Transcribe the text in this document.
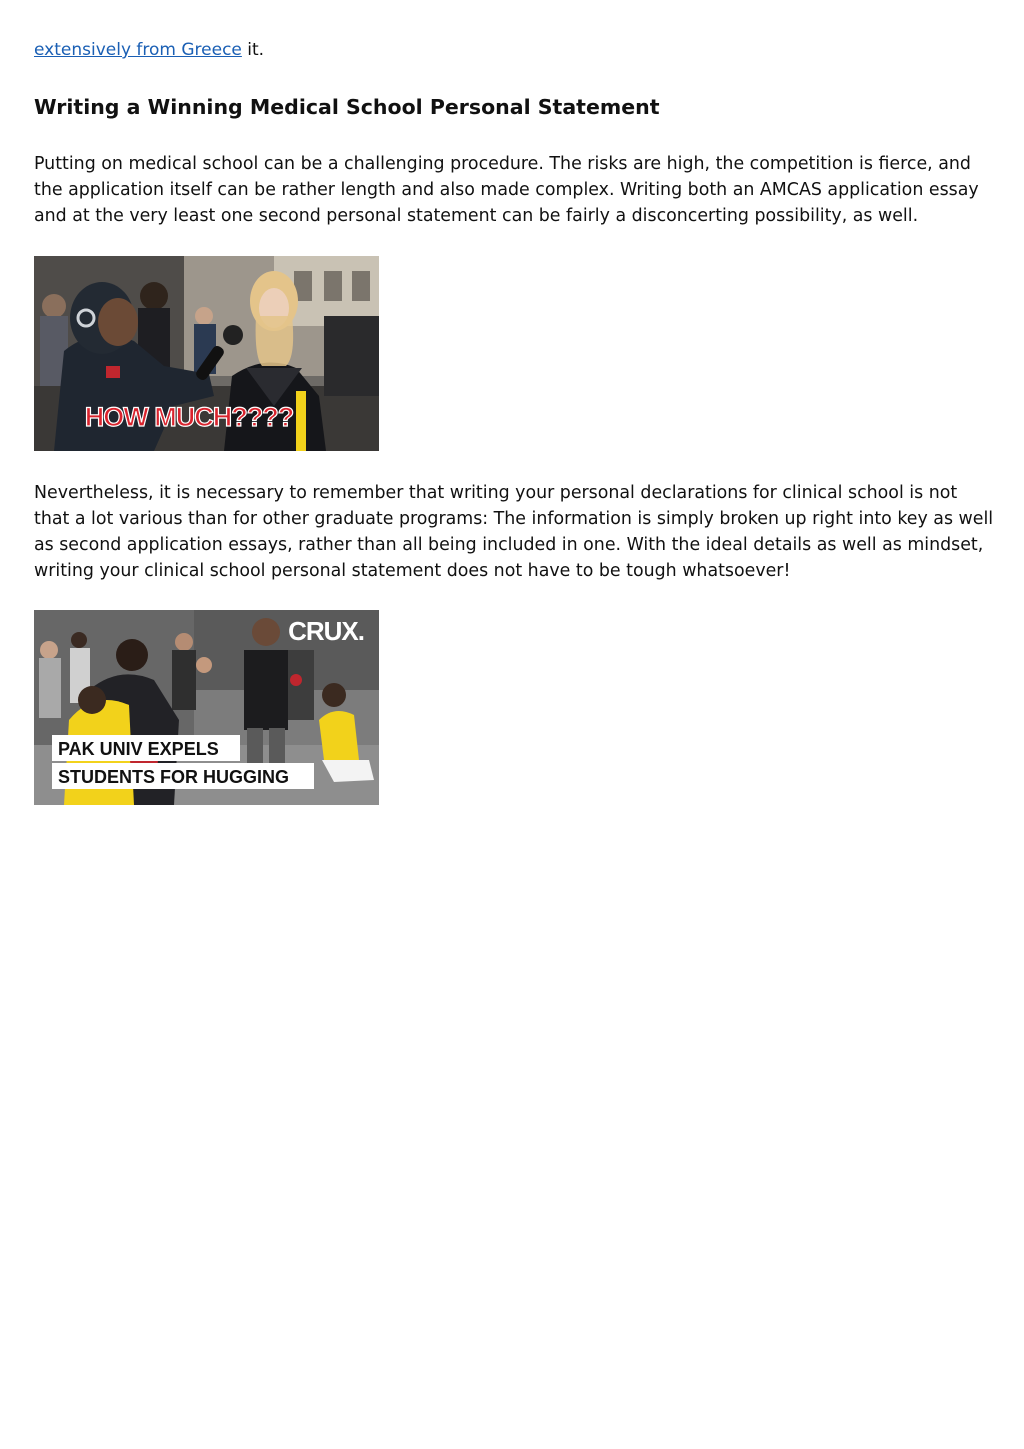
extensively from Greece it.
Writing a Winning Medical School Personal Statement

Putting on medical school can be a challenging procedure. The risks are high, the competition is fierce, and the application itself can be rather length and also made complex. Writing both an AMCAS application essay and at the very least one second personal statement can be fairly a disconcerting possibility, as well.

HOW MUCH????

Nevertheless, it is necessary to remember that writing your personal declarations for clinical school is not that a lot various than for other graduate programs: The information is simply broken up right into key as well as second application essays, rather than all being included in one. With the ideal details as well as mindset, writing your clinical school personal statement does not have to be tough whatsoever!

CRUX.
PAK UNIV EXPELS
STUDENTS FOR HUGGING
